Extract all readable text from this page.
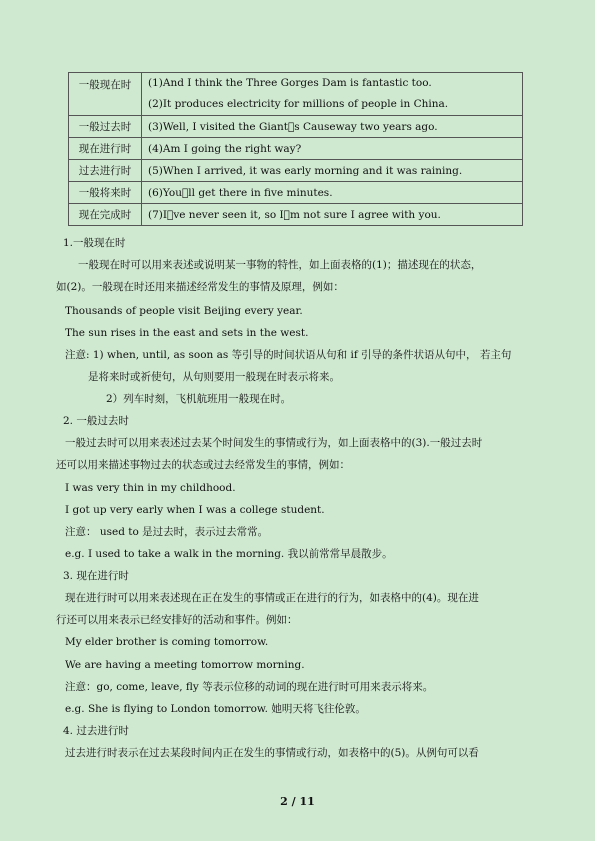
一般现在时	(1)And I think the Three Gorges Dam is fantastic too.

	(2)It produces electricity for millions of people in China.

一般过去时	(3)Well, I visited the Giant s Causeway two years ago.
现在进行时	(4)Am I going the right way?
过去进行时	(5)When I arrived, it was early morning and it was raining.
一般将来时	(6)You ll get there in five minutes.
现在完成时	(7)I ve never seen it, so I m not sure I agree with you.
1.一般现在时
一般现在时可以用来表述或说明某一事物的特性，如上面表格的(1)；描述现在的状态，
如(2)。一般现在时还用来描述经常发生的事情及原理，例如：
Thousands of people visit Beijing every year.
The sun rises in the east and sets in the west.
注意: 1) when, until, as soon as 等引导的时间状语从句和 if 引导的条件状语从句中， 若主句
是将来时或祈使句，从句则要用一般现在时表示将来。
2）列车时刻，飞机航班用一般现在时。
2. 一般过去时
一般过去时可以用来表述过去某个时间发生的事情或行为，如上面表格中的(3).一般过去时
还可以用来描述事物过去的状态或过去经常发生的事情，例如：
I was very thin in my childhood.
I got up very early when I was a college student.
注意： used to 是过去时，表示过去常常。
e.g. I used to take a walk in the morning. 我以前常常早晨散步。
3. 现在进行时
现在进行时可以用来表述现在正在发生的事情或正在进行的行为，如表格中的(4)。现在进
行还可以用来表示已经安排好的活动和事件。例如：
My elder brother is coming tomorrow.
We are having a meeting tomorrow morning.
注意：go, come, leave, fly 等表示位移的动词的现在进行时可用来表示将来。
e.g. She is flying to London tomorrow. 她明天将飞往伦敦。
4. 过去进行时
过去进行时表示在过去某段时间内正在发生的事情或行动，如表格中的(5)。从例句可以看
2 / 11
